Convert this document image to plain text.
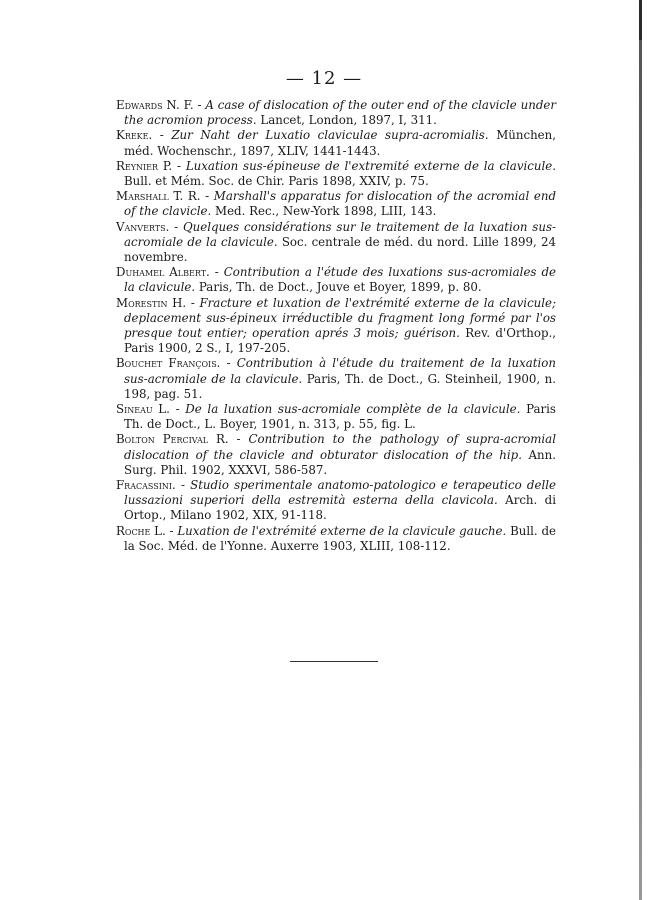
— 12 —

Edwards N. F. - A case of dislocation of the outer end of the clavicle under the acromion process. Lancet, London, 1897, I, 311.

Kreke. - Zur Naht der Luxatio claviculae supra-acromialis. München, méd. Wochenschr., 1897, XLIV, 1441-1443.

Reynier P. - Luxation sus-épineuse de l'extremité externe de la clavicule. Bull. et Mém. Soc. de Chir. Paris 1898, XXIV, p. 75.

Marshall T. R. - Marshall's apparatus for dislocation of the acromial end of the clavicle. Med. Rec., New-York 1898, LIII, 143.

Vanverts. - Quelques considérations sur le traitement de la luxation sus-acromiale de la clavicule. Soc. centrale de méd. du nord. Lille 1899, 24 novembre.

Duhamel Albert. - Contribution a l'étude des luxations sus-acromiales de la clavicule. Paris, Th. de Doct., Jouve et Boyer, 1899, p. 80.

Morestin H. - Fracture et luxation de l'extrémité externe de la clavicule; deplacement sus-épineux irréductible du fragment long formé par l'os presque tout entier; operation aprés 3 mois; guérison. Rev. d'Orthop., Paris 1900, 2 S., I, 197-205.

Bouchet François. - Contribution à l'étude du traitement de la luxation sus-acromiale de la clavicule. Paris, Th. de Doct., G. Steinheil, 1900, n. 198, pag. 51.

Sineau L. - De la luxation sus-acromiale complète de la clavicule. Paris Th. de Doct., L. Boyer, 1901, n. 313, p. 55, fig. L.

Bolton Percival R. - Contribution to the pathology of supra-acromial dislocation of the clavicle and obturator dislocation of the hip. Ann. Surg. Phil. 1902, XXXVI, 586-587.

Fracassini. - Studio sperimentale anatomo-patologico e terapeutico delle lussazioni superiori della estremità esterna della clavicola. Arch. di Ortop., Milano 1902, XIX, 91-118.

Roche L. - Luxation de l'extrémité externe de la clavicule gauche. Bull. de la Soc. Méd. de l'Yonne. Auxerre 1903, XLIII, 108-112.
